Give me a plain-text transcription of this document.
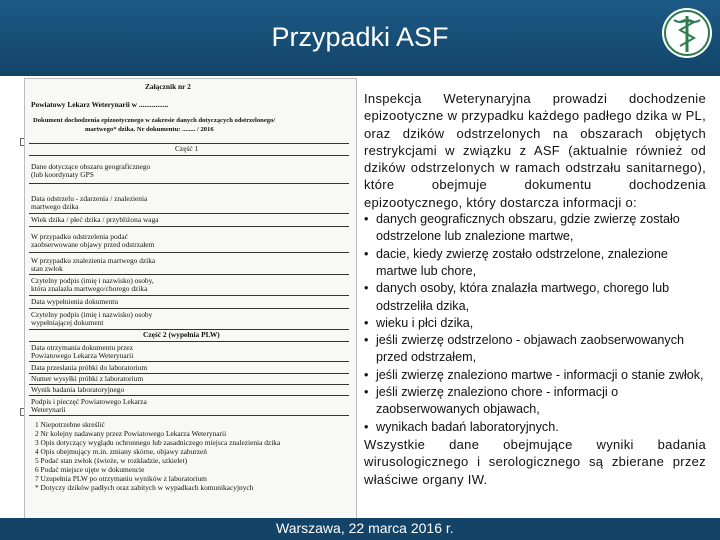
Przypadki ASF
Załącznik nr 2
Powiatowy Lekarz Weterynarii w ................
Dokument dochodzenia epizootycznego w zakresie danych dotyczących odstrzelonego/
martwego* dzika. Nr dokumentu: ........ / 2016
Część 1
Dane dotyczące obszaru geograficznego
(lub koordynaty GPS
Data odstrzelu - zdarzenia / znalezienia
martwego dzika
Wiek dzika / płeć dzika / przybliżona waga
W przypadku odstrzelenia podać
zaobserwowane objawy przed odstrzałem
W przypadku znalezienia martwego dzika
stan zwłok
Czytelny podpis (imię i nazwisko) osoby,
która znalazła martwego/chorego dzika
Data wypełnienia dokumentu
Czytelny podpis (imię i nazwisko) osoby
wypełniającej dokument
Część 2 (wypełnia PLW)
Data otrzymania dokumentu przez
Powiatowego Lekarza Weterynarii
Data przesłania próbki do laboratorium
Numer wysyłki próbki z laboratorium
Wynik badania laboratoryjnego
Podpis i pieczęć Powiatowego Lekarza
Weterynarii
1 Niepotrzebne skreślić
2 Nr kolejny nadawany przez Powiatowego Lekarza Weterynarii
3 Opis dotyczący wyglądu ochronnego lub zasadniczego miejsca znalezienia dzika
4 Opis obejmujący m.in. zmiany skórne, objawy zaburzeń
5 Podać stan zwłok (świeże, w rozkładzie, szkielet)
6 Podać miejsce ujęte w dokumencie
7 Uzupełnia PLW po otrzymaniu wyników z laboratorium
* Dotyczy dzików padłych oraz zabitych w wypadkach komunikacyjnych
Inspekcja Weterynaryjna prowadzi dochodzenie epizootyczne w przypadku każdego padłego dzika w PL, oraz dzików odstrzelonych na obszarach objętych restrykcjami w związku z ASF (aktualnie również od dzików odstrzelonych w ramach odstrzału sanitarnego), które obejmuje dokumentu dochodzenia epizootycznego, który dostarcza informacji o:
• danych geograficznych obszaru, gdzie zwierzę zostało odstrzelone lub znalezione martwe,
• dacie, kiedy zwierzę zostało odstrzelone, znalezione martwe lub chore,
• danych osoby, która znalazła martwego, chorego lub odstrzeliła dzika,
• wieku i płci dzika,
• jeśli zwierzę odstrzelono - objawach zaobserwowanych przed odstrzałem,
• jeśli zwierzę znaleziono martwe - informacji o stanie zwłok,
• jeśli zwierzę znaleziono chore - informacji o zaobserwowanych objawach,
• wynikach badań laboratoryjnych.
Wszystkie dane obejmujące wyniki badania wirusologicznego i serologicznego są zbierane przez właściwe organy IW.
Warszawa, 22 marca 2016 r.
